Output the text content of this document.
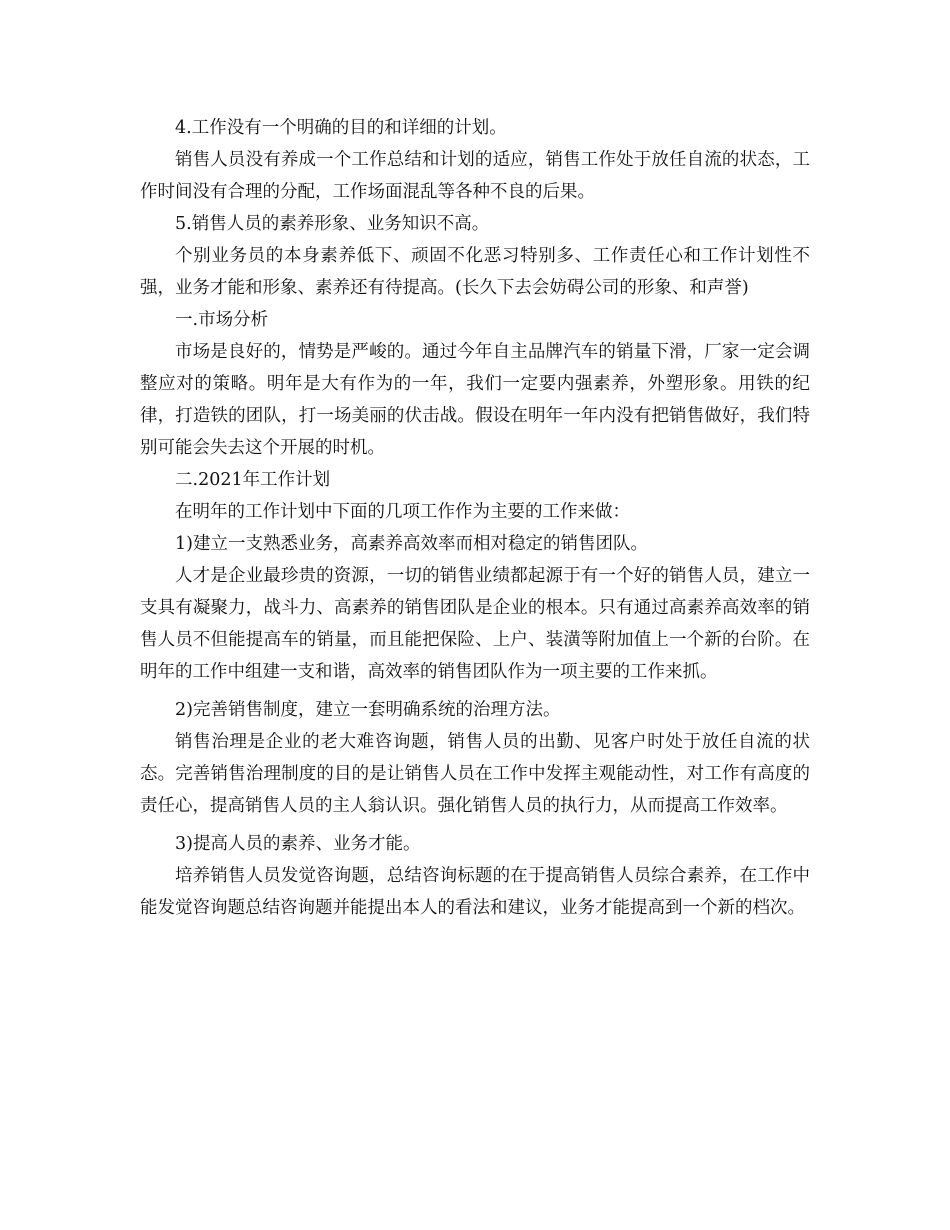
4.工作没有一个明确的目的和详细的计划。

销售人员没有养成一个工作总结和计划的适应，销售工作处于放任自流的状态，工作时间没有合理的分配，工作场面混乱等各种不良的后果。

5.销售人员的素养形象、业务知识不高。

个别业务员的本身素养低下、顽固不化恶习特别多、工作责任心和工作计划性不强，业务才能和形象、素养还有待提高。(长久下去会妨碍公司的形象、和声誉)

一.市场分析

市场是良好的，情势是严峻的。通过今年自主品牌汽车的销量下滑，厂家一定会调整应对的策略。明年是大有作为的一年，我们一定要内强素养，外塑形象。用铁的纪律，打造铁的团队，打一场美丽的伏击战。假设在明年一年内没有把销售做好，我们特别可能会失去这个开展的时机。

二.2021年工作计划

在明年的工作计划中下面的几项工作作为主要的工作来做：

1)建立一支熟悉业务，高素养高效率而相对稳定的销售团队。

人才是企业最珍贵的资源，一切的销售业绩都起源于有一个好的销售人员，建立一支具有凝聚力，战斗力、高素养的销售团队是企业的根本。只有通过高素养高效率的销售人员不但能提高车的销量，而且能把保险、上户、装潢等附加值上一个新的台阶。在明年的工作中组建一支和谐，高效率的销售团队作为一项主要的工作来抓。

2)完善销售制度，建立一套明确系统的治理方法。

销售治理是企业的老大难咨询题，销售人员的出勤、见客户时处于放任自流的状态。完善销售治理制度的目的是让销售人员在工作中发挥主观能动性，对工作有高度的责任心，提高销售人员的主人翁认识。强化销售人员的执行力，从而提高工作效率。

3)提高人员的素养、业务才能。

培养销售人员发觉咨询题，总结咨询标题的在于提高销售人员综合素养，在工作中能发觉咨询题总结咨询题并能提出本人的看法和建议，业务才能提高到一个新的档次。
